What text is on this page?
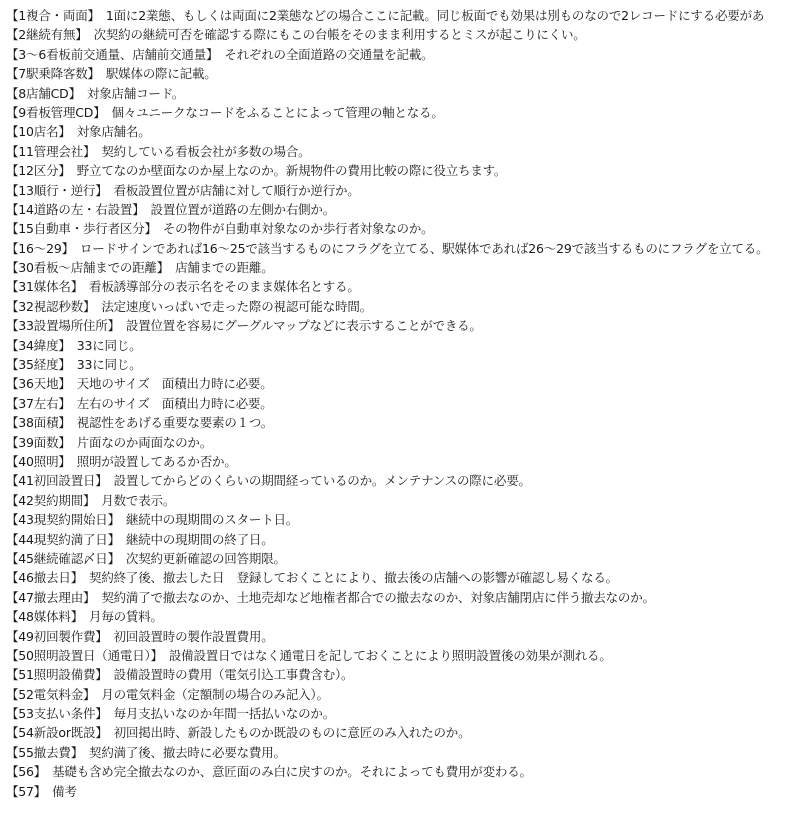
【1複合・両面】 1面に2業態、もしくは両面に2業態などの場合ここに記載。同じ板面でも効果は別ものなので2レコードにする必要があ
【2継続有無】 次契約の継続可否を確認する際にもこの台帳をそのまま利用するとミスが起こりにくい。
【3～6看板前交通量、店舗前交通量】 それぞれの全面道路の交通量を記載。
【7駅乗降客数】 駅媒体の際に記載。
【8店舗CD】 対象店舗コード。
【9看板管理CD】 個々ユニークなコードをふることによって管理の軸となる。
【10店名】 対象店舗名。
【11管理会社】 契約している看板会社が多数の場合。
【12区分】 野立てなのか壁面なのか屋上なのか。新規物件の費用比較の際に役立ちます。
【13順行・逆行】 看板設置位置が店舗に対して順行か逆行か。
【14道路の左・右設置】 設置位置が道路の左側か右側か。
【15自動車・歩行者区分】 その物件が自動車対象なのか歩行者対象なのか。
【16～29】 ロードサインであれば16～25で該当するものにフラグを立てる、駅媒体であれば26～29で該当するものにフラグを立てる。
【30看板～店舗までの距離】 店舗までの距離。
【31媒体名】 看板誘導部分の表示名をそのまま媒体名とする。
【32視認秒数】 法定速度いっぱいで走った際の視認可能な時間。
【33設置場所住所】 設置位置を容易にグーグルマップなどに表示することができる。
【34緯度】 33に同じ。
【35経度】 33に同じ。
【36天地】 天地のサイズ　面積出力時に必要。
【37左右】 左右のサイズ　面積出力時に必要。
【38面積】 視認性をあげる重要な要素の１つ。
【39面数】 片面なのか両面なのか。
【40照明】 照明が設置してあるか否か。
【41初回設置日】 設置してからどのくらいの期間経っているのか。メンテナンスの際に必要。
【42契約期間】 月数で表示。
【43現契約開始日】 継続中の現期間のスタート日。
【44現契約満了日】 継続中の現期間の終了日。
【45継続確認〆日】 次契約更新確認の回答期限。
【46撤去日】 契約終了後、撤去した日　登録しておくことにより、撤去後の店舗への影響が確認し易くなる。
【47撤去理由】 契約満了で撤去なのか、土地売却など地権者都合での撤去なのか、対象店舗閉店に伴う撤去なのか。
【48媒体料】 月毎の賃料。
【49初回製作費】 初回設置時の製作設置費用。
【50照明設置日（通電日）】 設備設置日ではなく通電日を記しておくことにより照明設置後の効果が測れる。
【51照明設備費】 設備設置時の費用（電気引込工事費含む）。
【52電気料金】 月の電気料金（定額制の場合のみ記入）。
【53支払い条件】 毎月支払いなのか年間一括払いなのか。
【54新設or既設】 初回掲出時、新設したものか既設のものに意匠のみ入れたのか。
【55撤去費】 契約満了後、撤去時に必要な費用。
【56】 基礎も含め完全撤去なのか、意匠面のみ白に戻すのか。それによっても費用が変わる。
【57】 備考
